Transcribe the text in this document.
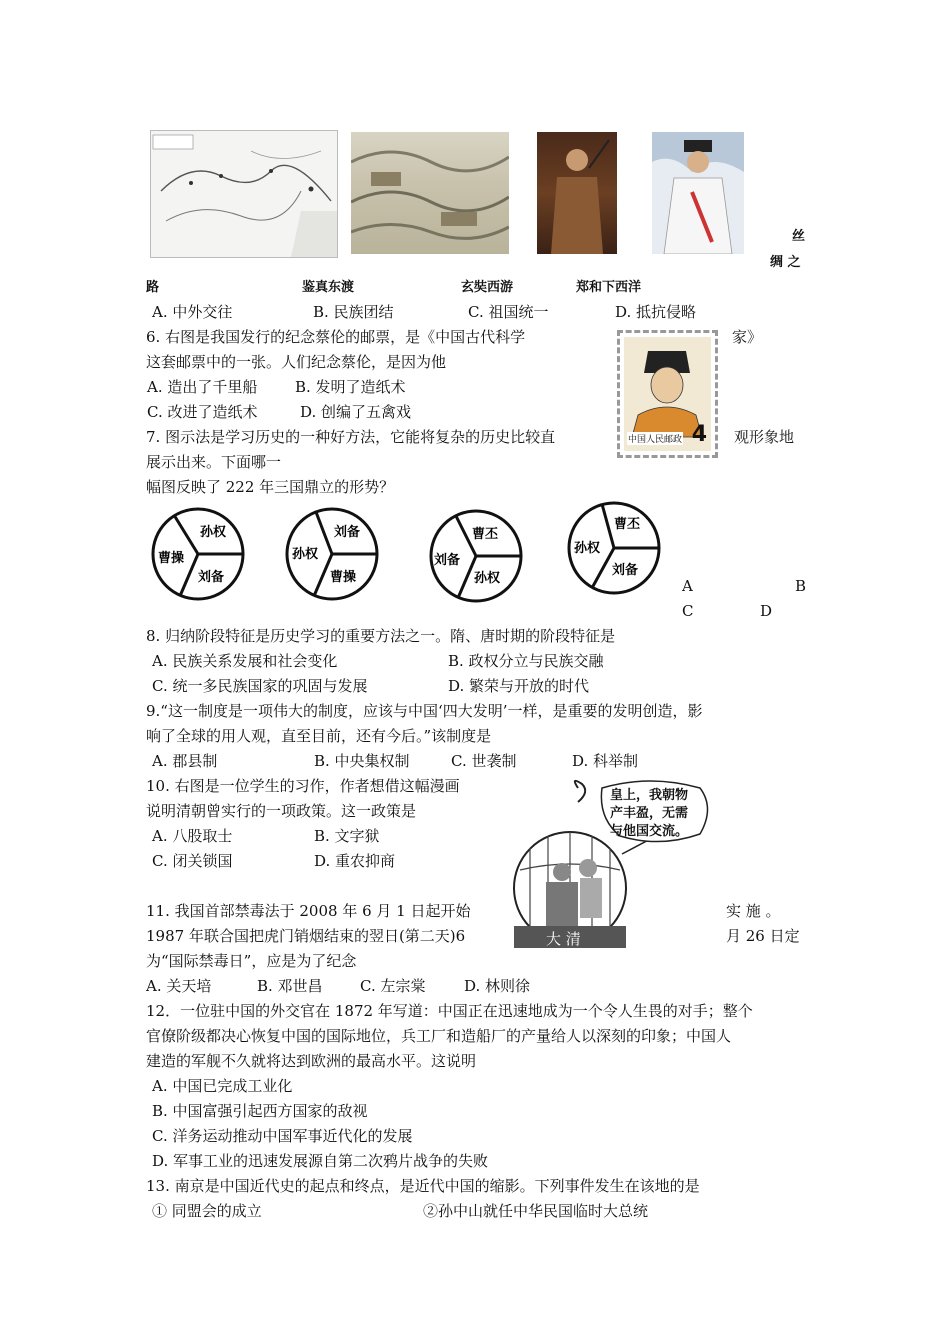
丝
绸 之
路	鉴真东渡	玄奘西游	郑和下西洋
A. 中外交往	B. 民族团结	C. 祖国统一	D. 抵抗侵略
6. 右图是我国发行的纪念蔡伦的邮票，是《中国古代科学	家》
这套邮票中的一张。人们纪念蔡伦，是因为他
A. 造出了千里船	B. 发明了造纸术
C. 改进了造纸术	D. 创编了五禽戏
中国人民邮政 4
7. 图示法是学习历史的一种好方法，它能将复杂的历史比较直	观形象地
展示出来。下面哪一
幅图反映了 222 年三国鼎立的形势？
孙权
曹操
刘备
刘备
孙权
曹操
曹丕
刘备
孙权
曹丕
孙权
刘备
A	B
C	D
8. 归纳阶段特征是历史学习的重要方法之一。隋、唐时期的阶段特征是
A. 民族关系发展和社会变化	B. 政权分立与民族交融
C. 统一多民族国家的巩固与发展	D. 繁荣与开放的时代
9.“这一制度是一项伟大的制度，应该与中国‘四大发明’一样，是重要的发明创造，影
响了全球的用人观，直至目前，还有今后。”该制度是
A. 郡县制	B. 中央集权制	C. 世袭制	D. 科举制
10. 右图是一位学生的习作，作者想借这幅漫画
说明清朝曾实行的一项政策。这一政策是
A. 八股取士	B. 文字狱
C. 闭关锁国	D. 重农抑商
皇上，我朝物
产丰盈，无需
与他国交流。
大 清
11. 我国首部禁毒法于 2008 年 6 月 1 日起开始	实 施 。
1987 年联合国把虎门销烟结束的翌日(第二天)6	月 26 日定
为“国际禁毒日”，应是为了纪念
A. 关天培	B. 邓世昌 C. 左宗棠	D. 林则徐
12．一位驻中国的外交官在 1872 年写道：中国正在迅速地成为一个令人生畏的对手；整个
官僚阶级都决心恢复中国的国际地位，兵工厂和造船厂的产量给人以深刻的印象；中国人
建造的军舰不久就将达到欧洲的最高水平。这说明
A. 中国已完成工业化
B. 中国富强引起西方国家的敌视
C. 洋务运动推动中国军事近代化的发展
D. 军事工业的迅速发展源自第二次鸦片战争的失败
13. 南京是中国近代史的起点和终点，是近代中国的缩影。下列事件发生在该地的是
① 同盟会的成立	②孙中山就任中华民国临时大总统
